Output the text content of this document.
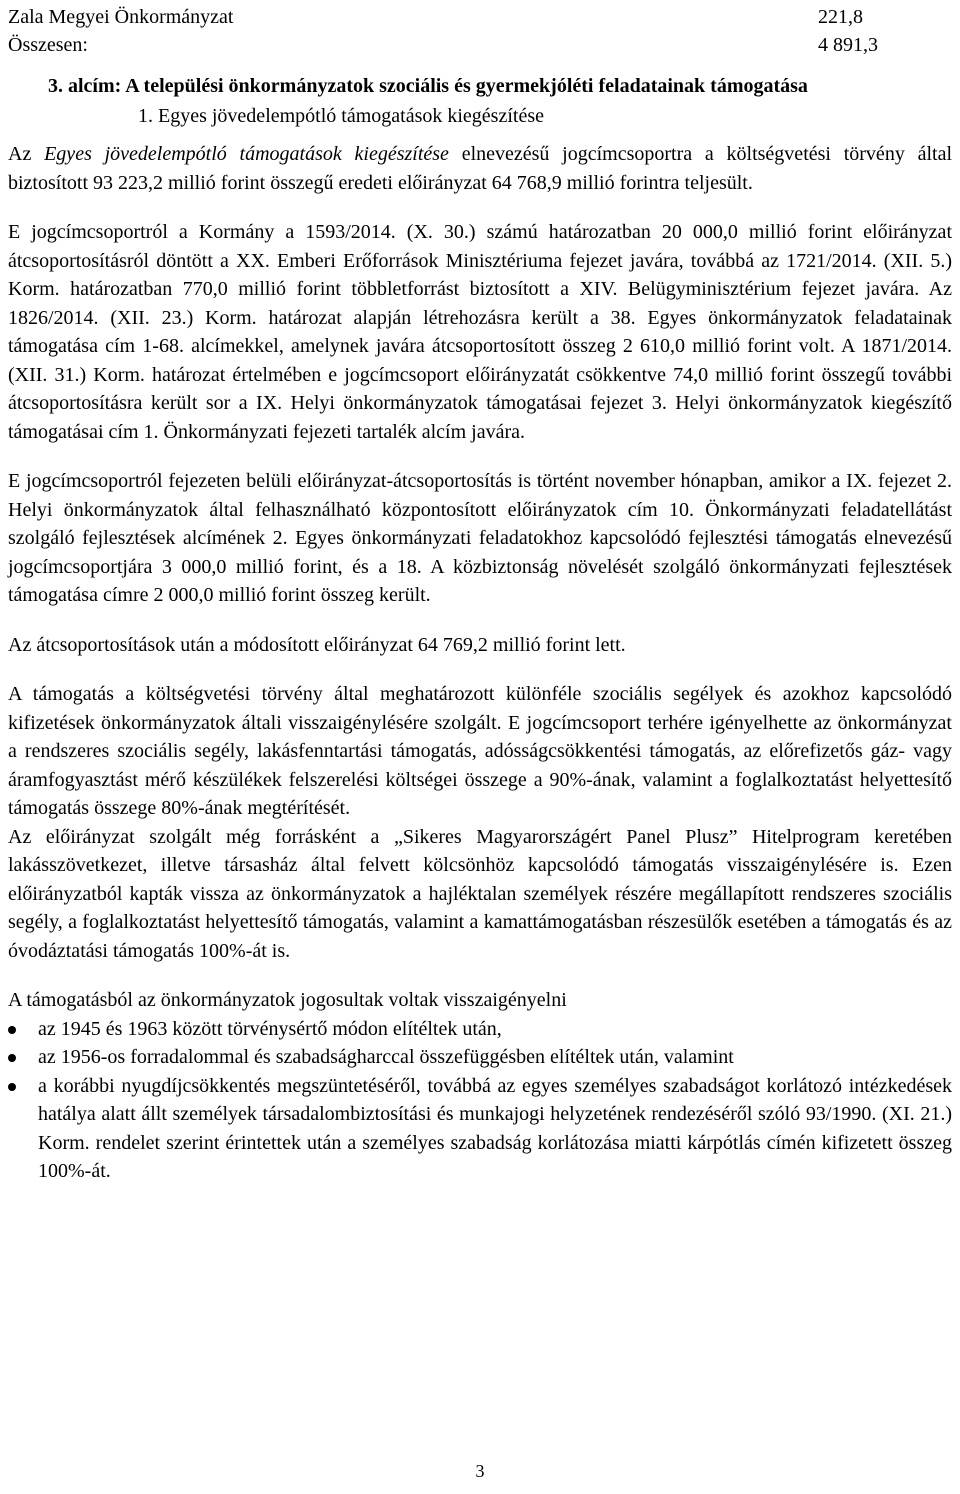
Zala Megyei Önkormányzat	221,8
Összesen:	4 891,3
3. alcím: A települési önkormányzatok szociális és gyermekjóléti feladatainak támogatása
1. Egyes jövedelempótló támogatások kiegészítése

Az Egyes jövedelempótló támogatások kiegészítése elnevezésű jogcímcsoportra a költségvetési törvény által biztosított 93 223,2 millió forint összegű eredeti előirányzat 64 768,9 millió forintra teljesült.

E jogcímcsoportról a Kormány a 1593/2014. (X. 30.) számú határozatban 20 000,0 millió forint előirányzat átcsoportosításról döntött a XX. Emberi Erőforrások Minisztériuma fejezet javára, továbbá az 1721/2014. (XII. 5.) Korm. határozatban 770,0 millió forint többletforrást biztosított a XIV. Belügyminisztérium fejezet javára. Az 1826/2014. (XII. 23.) Korm. határozat alapján létrehozásra került a 38. Egyes önkormányzatok feladatainak támogatása cím 1-68. alcímekkel, amelynek javára átcsoportosított összeg 2 610,0 millió forint volt. A 1871/2014. (XII. 31.) Korm. határozat értelmében e jogcímcsoport előirányzatát csökkentve 74,0 millió forint összegű további átcsoportosításra került sor a IX. Helyi önkormányzatok támogatásai fejezet 3. Helyi önkormányzatok kiegészítő támogatásai cím 1. Önkormányzati fejezeti tartalék alcím javára.

E jogcímcsoportról fejezeten belüli előirányzat-átcsoportosítás is történt november hónapban, amikor a IX. fejezet 2. Helyi önkormányzatok által felhasználható központosított előirányzatok cím 10. Önkormányzati feladatellátást szolgáló fejlesztések alcímének 2. Egyes önkormányzati feladatokhoz kapcsolódó fejlesztési támogatás elnevezésű jogcímcsoportjára 3 000,0 millió forint, és a 18. A közbiztonság növelését szolgáló önkormányzati fejlesztések támogatása címre 2 000,0 millió forint összeg került.

Az átcsoportosítások után a módosított előirányzat 64 769,2 millió forint lett.

A támogatás a költségvetési törvény által meghatározott különféle szociális segélyek és azokhoz kapcsolódó kifizetések önkormányzatok általi visszaigénylésére szolgált. E jogcímcsoport terhére igényelhette az önkormányzat a rendszeres szociális segély, lakásfenntartási támogatás, adósságcsökkentési támogatás, az előrefizetős gáz- vagy áramfogyasztást mérő készülékek felszerelési költségei összege a 90%-ának, valamint a foglalkoztatást helyettesítő támogatás összege 80%-ának megtérítését.

Az előirányzat szolgált még forrásként a „Sikeres Magyarországért Panel Plusz” Hitelprogram keretében lakásszövetkezet, illetve társasház által felvett kölcsönhöz kapcsolódó támogatás visszaigénylésére is. Ezen előirányzatból kapták vissza az önkormányzatok a hajléktalan személyek részére megállapított rendszeres szociális segély, a foglalkoztatást helyettesítő támogatás, valamint a kamattámogatásban részesülők esetében a támogatás és az óvodáztatási támogatás 100%-át is.

A támogatásból az önkormányzatok jogosultak voltak visszaigényelni

az 1945 és 1963 között törvénysértő módon elítéltek után,
az 1956-os forradalommal és szabadságharccal összefüggésben elítéltek után, valamint
a korábbi nyugdíjcsökkentés megszüntetéséről, továbbá az egyes személyes szabadságot korlátozó intézkedések hatálya alatt állt személyek társadalombiztosítási és munkajogi helyzetének rendezéséről szóló 93/1990. (XI. 21.) Korm. rendelet szerint érintettek után a személyes szabadság korlátozása miatti kárpótlás címén kifizetett összeg 100%-át.
3
